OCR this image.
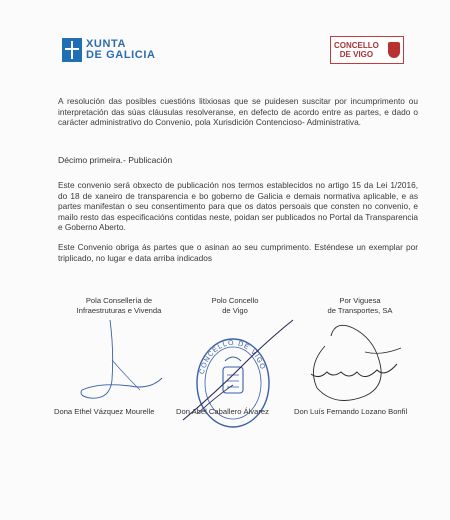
XUNTA
DE GALICIA
CONCELLO
DE VIGO
A resolución das posibles cuestións litixiosas que se puidesen suscitar por incumprimento ou interpretación das súas cláusulas resolveranse, en defecto de acordo entre as partes, e dado o carácter administrativo do Convenio, pola Xurisdición Contencioso- Administrativa.
Décimo primeira.- Publicación
Este convenio será obxecto de publicación nos termos establecidos no artigo 15 da Lei 1/2016, do 18 de xaneiro de transparencia e bo goberno de Galicia e demais normativa aplicable, e as partes manifestan o seu consentimento para que os datos persoais que consten no convenio, e mailo resto das especificacións contidas neste, poidan ser publicados no Portal da Transparencia e Goberno Aberto.
Este Convenio obriga ás partes que o asinan ao seu cumprimento. Esténdese un exemplar por triplicado, no lugar e data arriba indicados
Pola Consellería de
Infraestruturas e Vivenda
Polo Concello
de Vigo
Por Viguesa
de Transportes, SA
CONCELLO DE VIGO
Dona Ethel Vázquez Mourelle	Don Abel Caballero Álvarez	Don Luís Fernando Lozano Bonfil
